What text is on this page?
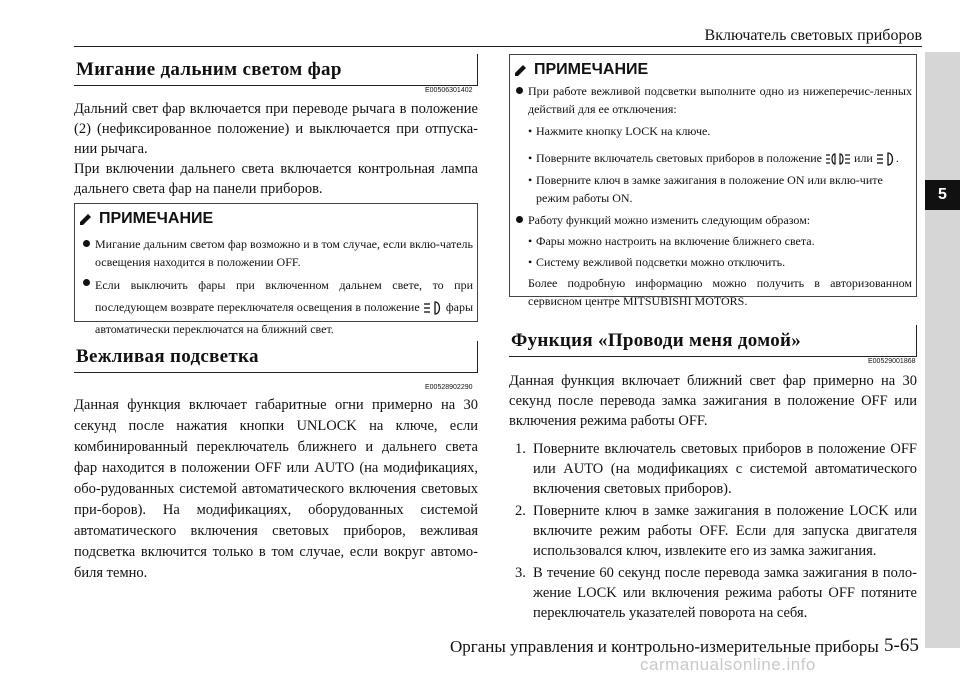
Включатель световых приборов
5
Мигание дальним светом фар
E00506301402

Дальний свет фар включается при переводе рычага в положение (2) (нефиксированное положение) и выключается при отпуска-нии рычага.

При включении дальнего света включается контрольная лампа дальнего света фар на панели приборов.

ПРИМЕЧАНИЕ
Мигание дальним светом фар возможно и в том случае, если вклю-чатель освещения находится в положении OFF.
Если выключить фары при включенном дальнем свете, то при последующем возврате переключателя освещения в положение фары автоматически переключатся на ближний свет.
Вежливая подсветка
E00528902290

Данная функция включает габаритные огни примерно на 30 секунд после нажатия кнопки UNLOCK на ключе, если комбинированный переключатель ближнего и дальнего света фар находится в положении OFF или AUTO (на модификациях, обо-рудованных системой автоматического включения световых при-боров). На модификациях, оборудованных системой автоматического включения световых приборов, вежливая подсветка включится только в том случае, если вокруг автомо-биля темно.

ПРИМЕЧАНИЕ
При работе вежливой подсветки выполните одно из нижеперечис-ленных действий для ее отключения:
• Нажмите кнопку LOCK на ключе.
• Поверните включатель световых приборов в положение	или .
• Поверните ключ в замке зажигания в положение ON или вклю-чите режим работы ON.
Работу функций можно изменить следующим образом:
• Фары можно настроить на включение ближнего света.
• Систему вежливой подсветки можно отключить.
Более подробную информацию можно получить в авторизованном сервисном центре MITSUBISHI MOTORS.
Функция «Проводи меня домой»
E00529001868

Данная функция включает ближний свет фар примерно на 30 секунд после перевода замка зажигания в положение OFF или включения режима работы OFF.

1. Поверните включатель световых приборов в положение OFF или AUTO (на модификациях с системой автоматического включения световых приборов).
2. Поверните ключ в замке зажигания в положение LOCK или включите режим работы OFF. Если для запуска двигателя использовался ключ, извлеките его из замка зажигания.
3. В течение 60 секунд после перевода замка зажигания в поло-жение LOCK или включения режима работы OFF потяните переключатель указателей поворота на себя.
Органы управления и контрольно-измерительные приборы 5-65
carmanualsonline.info
